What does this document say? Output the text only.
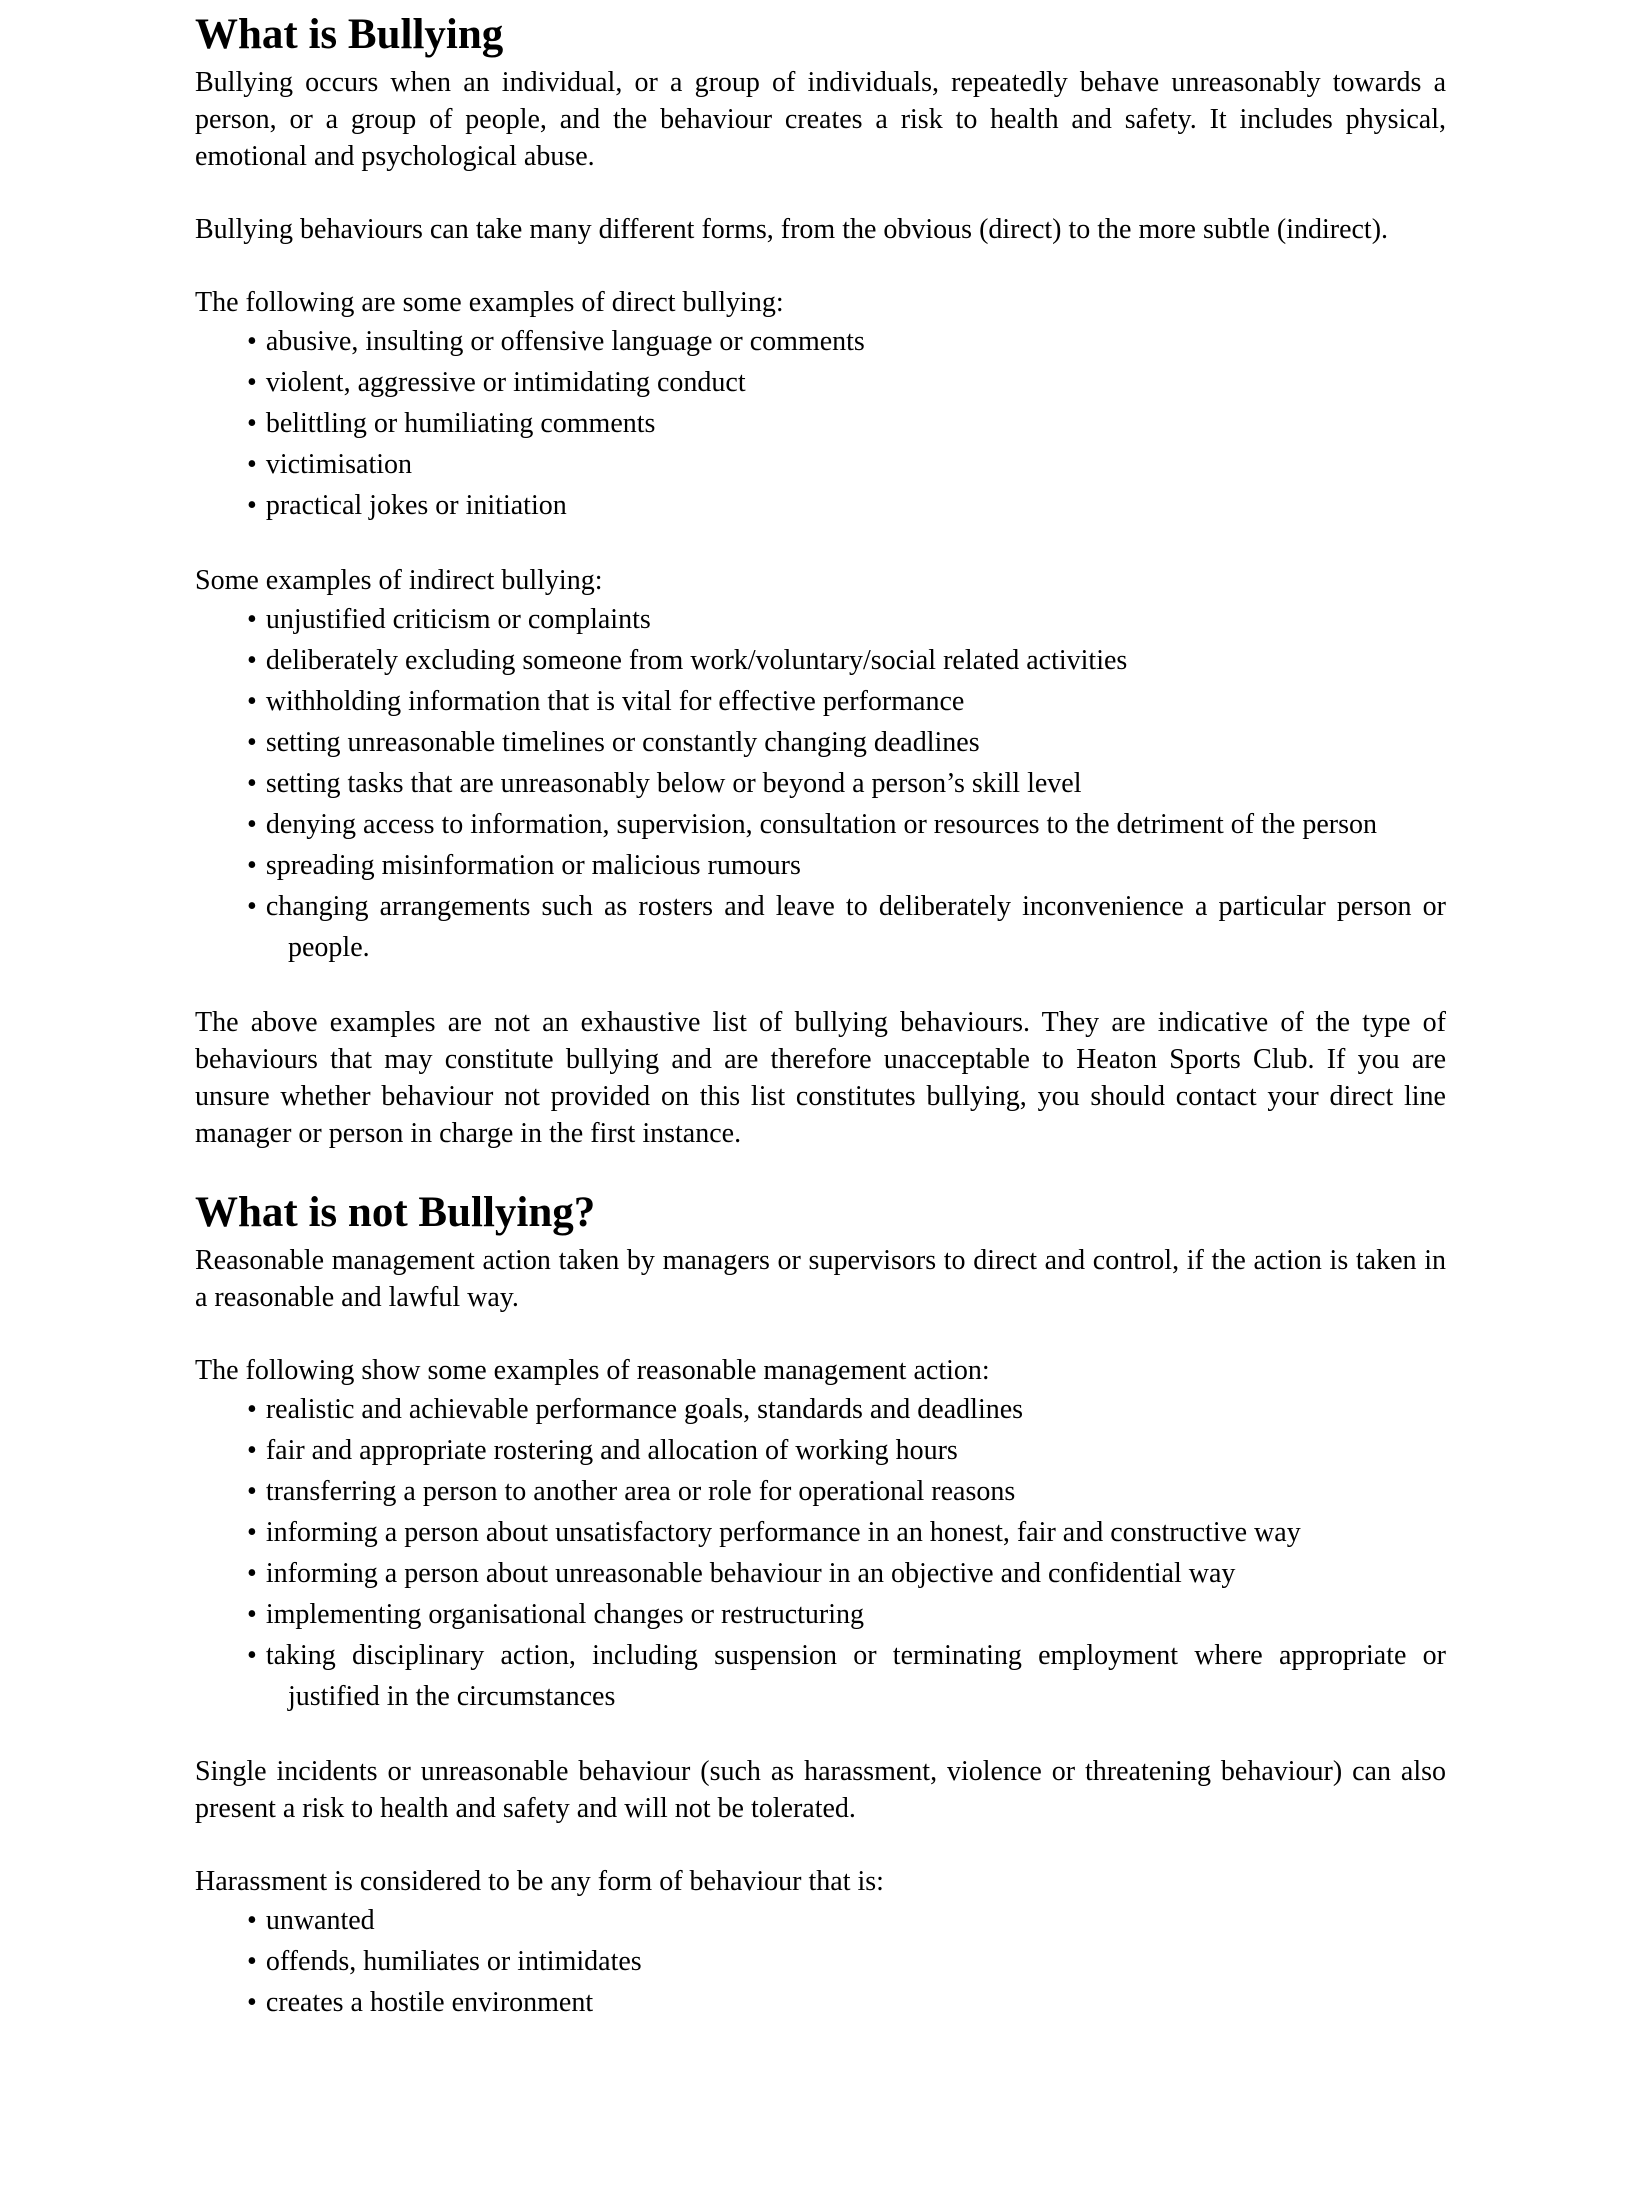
What is Bullying

Bullying occurs when an individual, or a group of individuals, repeatedly behave unreasonably towards a person, or a group of people, and the behaviour creates a risk to health and safety. It includes physical, emotional and psychological abuse.

Bullying behaviours can take many different forms, from the obvious (direct) to the more subtle (indirect).

The following are some examples of direct bullying:

• abusive, insulting or offensive language or comments
• violent, aggressive or intimidating conduct
• belittling or humiliating comments
• victimisation
• practical jokes or initiation

Some examples of indirect bullying:

• unjustified criticism or complaints
• deliberately excluding someone from work/voluntary/social related activities
• withholding information that is vital for effective performance
• setting unreasonable timelines or constantly changing deadlines
• setting tasks that are unreasonably below or beyond a person’s skill level
• denying access to information, supervision, consultation or resources to the detriment of the person
• spreading misinformation or malicious rumours
• changing arrangements such as rosters and leave to deliberately inconvenience a particular person or people.

The above examples are not an exhaustive list of bullying behaviours. They are indicative of the type of behaviours that may constitute bullying and are therefore unacceptable to Heaton Sports Club. If you are unsure whether behaviour not provided on this list constitutes bullying, you should contact your direct line manager or person in charge in the first instance.

What is not Bullying?

Reasonable management action taken by managers or supervisors to direct and control, if the action is taken in a reasonable and lawful way.

The following show some examples of reasonable management action:

• realistic and achievable performance goals, standards and deadlines
• fair and appropriate rostering and allocation of working hours
• transferring a person to another area or role for operational reasons
• informing a person about unsatisfactory performance in an honest, fair and constructive way
• informing a person about unreasonable behaviour in an objective and confidential way
• implementing organisational changes or restructuring
• taking disciplinary action, including suspension or terminating employment where appropriate or justified in the circumstances

Single incidents or unreasonable behaviour (such as harassment, violence or threatening behaviour) can also present a risk to health and safety and will not be tolerated.

Harassment is considered to be any form of behaviour that is:

• unwanted
• offends, humiliates or intimidates
• creates a hostile environment
